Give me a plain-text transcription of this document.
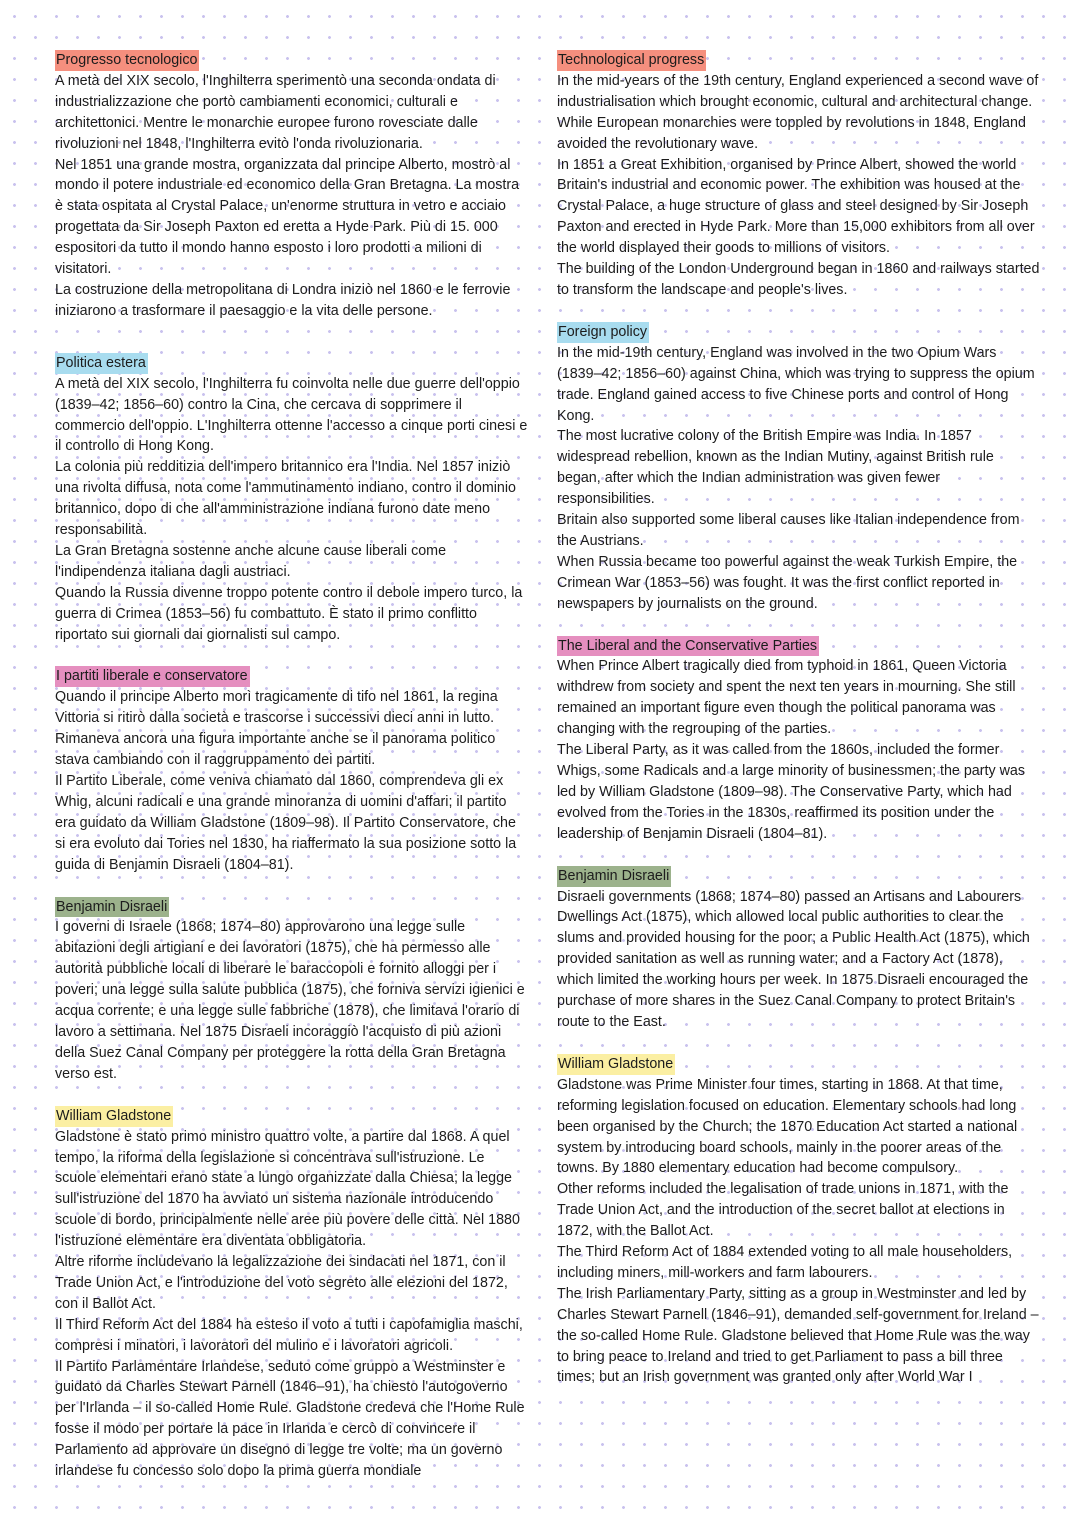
Progresso tecnologico

A metà del XIX secolo, l'Inghilterra sperimentò una seconda ondata di industrializzazione che portò cambiamenti economici, culturali e architettonici. Mentre le monarchie europee furono rovesciate dalle rivoluzioni nel 1848, l'Inghilterra evitò l'onda rivoluzionaria.

Nel 1851 una grande mostra, organizzata dal principe Alberto, mostrò al mondo il potere industriale ed economico della Gran Bretagna. La mostra è stata ospitata al Crystal Palace, un'enorme struttura in vetro e acciaio progettata da Sir Joseph Paxton ed eretta a Hyde Park. Più di 15. 000 espositori da tutto il mondo hanno esposto i loro prodotti a milioni di visitatori.

La costruzione della metropolitana di Londra iniziò nel 1860 e le ferrovie iniziarono a trasformare il paesaggio e la vita delle persone.

Politica estera

A metà del XIX secolo, l'Inghilterra fu coinvolta nelle due guerre dell'oppio (1839–42; 1856–60) contro la Cina, che cercava di sopprimere il commercio dell'oppio. L'Inghilterra ottenne l'accesso a cinque porti cinesi e il controllo di Hong Kong.

La colonia più redditizia dell'impero britannico era l'India. Nel 1857 iniziò una rivolta diffusa, nota come l'ammutinamento indiano, contro il dominio britannico, dopo di che all'amministrazione indiana furono date meno responsabilità.

La Gran Bretagna sostenne anche alcune cause liberali come l'indipendenza italiana dagli austriaci.

Quando la Russia divenne troppo potente contro il debole impero turco, la guerra di Crimea (1853–56) fu combattuto. È stato il primo conflitto riportato sui giornali dai giornalisti sul campo.

I partiti liberale e conservatore

Quando il principe Alberto morì tragicamente di tifo nel 1861, la regina Vittoria si ritirò dalla società e trascorse i successivi dieci anni in lutto. Rimaneva ancora una figura importante anche se il panorama politico stava cambiando con il raggruppamento dei partiti.

Il Partito Liberale, come veniva chiamato dal 1860, comprendeva gli ex Whig, alcuni radicali e una grande minoranza di uomini d'affari; il partito era guidato da William Gladstone (1809–98). Il Partito Conservatore, che si era evoluto dai Tories nel 1830, ha riaffermato la sua posizione sotto la guida di Benjamin Disraeli (1804–81).

Benjamin Disraeli

I governi di Israele (1868; 1874–80) approvarono una legge sulle abitazioni degli artigiani e dei lavoratori (1875), che ha permesso alle autorità pubbliche locali di liberare le baraccopoli e fornito alloggi per i poveri; una legge sulla salute pubblica (1875), che forniva servizi igienici e acqua corrente; e una legge sulle fabbriche (1878), che limitava l'orario di lavoro a settimana. Nel 1875 Disraeli incoraggiò l'acquisto di più azioni della Suez Canal Company per proteggere la rotta della Gran Bretagna verso est.

William Gladstone

Gladstone è stato primo ministro quattro volte, a partire dal 1868. A quel tempo, la riforma della legislazione si concentrava sull'istruzione. Le scuole elementari erano state a lungo organizzate dalla Chiesa; la legge sull'istruzione del 1870 ha avviato un sistema nazionale introducendo scuole di bordo, principalmente nelle aree più povere delle città. Nel 1880 l'istruzione elementare era diventata obbligatoria.

Altre riforme includevano la legalizzazione dei sindacati nel 1871, con il Trade Union Act, e l'introduzione del voto segreto alle elezioni del 1872, con il Ballot Act.

Il Third Reform Act del 1884 ha esteso il voto a tutti i capofamiglia maschi, compresi i minatori, i lavoratori del mulino e i lavoratori agricoli.

Il Partito Parlamentare Irlandese, seduto come gruppo a Westminster e guidato da Charles Stewart Parnell (1846–91), ha chiesto l'autogoverno per l'Irlanda – il so-called Home Rule. Gladstone credeva che l'Home Rule fosse il modo per portare la pace in Irlanda e cercò di convincere il Parlamento ad approvare un disegno di legge tre volte; ma un governo irlandese fu concesso solo dopo la prima guerra mondiale

Technological progress

In the mid-years of the 19th century, England experienced a second wave of industrialisation which brought economic, cultural and architectural change. While European monarchies were toppled by revolutions in 1848, England avoided the revolutionary wave.

In 1851 a Great Exhibition, organised by Prince Albert, showed the world Britain's industrial and economic power. The exhibition was housed at the Crystal Palace, a huge structure of glass and steel designed by Sir Joseph Paxton and erected in Hyde Park. More than 15,000 exhibitors from all over the world displayed their goods to millions of visitors.

The building of the London Underground began in 1860 and railways started to transform the landscape and people's lives.

Foreign policy

In the mid-19th century, England was involved in the two Opium Wars (1839–42; 1856–60) against China, which was trying to suppress the opium trade. England gained access to five Chinese ports and control of Hong Kong.

The most lucrative colony of the British Empire was India. In 1857 widespread rebellion, known as the Indian Mutiny, against British rule began, after which the Indian administration was given fewer responsibilities.

Britain also supported some liberal causes like Italian independence from the Austrians.

When Russia became too powerful against the weak Turkish Empire, the Crimean War (1853–56) was fought. It was the first conflict reported in newspapers by journalists on the ground.

The Liberal and the Conservative Parties

When Prince Albert tragically died from typhoid in 1861, Queen Victoria withdrew from society and spent the next ten years in mourning. She still remained an important figure even though the political panorama was changing with the regrouping of the parties.

The Liberal Party, as it was called from the 1860s, included the former Whigs, some Radicals and a large minority of businessmen; the party was led by William Gladstone (1809–98). The Conservative Party, which had evolved from the Tories in the 1830s, reaffirmed its position under the leadership of Benjamin Disraeli (1804–81).

Benjamin Disraeli

Disraeli governments (1868; 1874–80) passed an Artisans and Labourers Dwellings Act (1875), which allowed local public authorities to clear the slums and provided housing for the poor; a Public Health Act (1875), which provided sanitation as well as running water; and a Factory Act (1878), which limited the working hours per week. In 1875 Disraeli encouraged the purchase of more shares in the Suez Canal Company to protect Britain's route to the East.

William Gladstone

Gladstone was Prime Minister four times, starting in 1868. At that time, reforming legislation focused on education. Elementary schools had long been organised by the Church; the 1870 Education Act started a national system by introducing board schools, mainly in the poorer areas of the towns. By 1880 elementary education had become compulsory.

Other reforms included the legalisation of trade unions in 1871, with the Trade Union Act, and the introduction of the secret ballot at elections in 1872, with the Ballot Act.

The Third Reform Act of 1884 extended voting to all male householders, including miners, mill-workers and farm labourers.

The Irish Parliamentary Party, sitting as a group in Westminster and led by Charles Stewart Parnell (1846–91), demanded self-government for Ireland – the so-called Home Rule. Gladstone believed that Home Rule was the way to bring peace to Ireland and tried to get Parliament to pass a bill three times; but an Irish government was granted only after World War I
